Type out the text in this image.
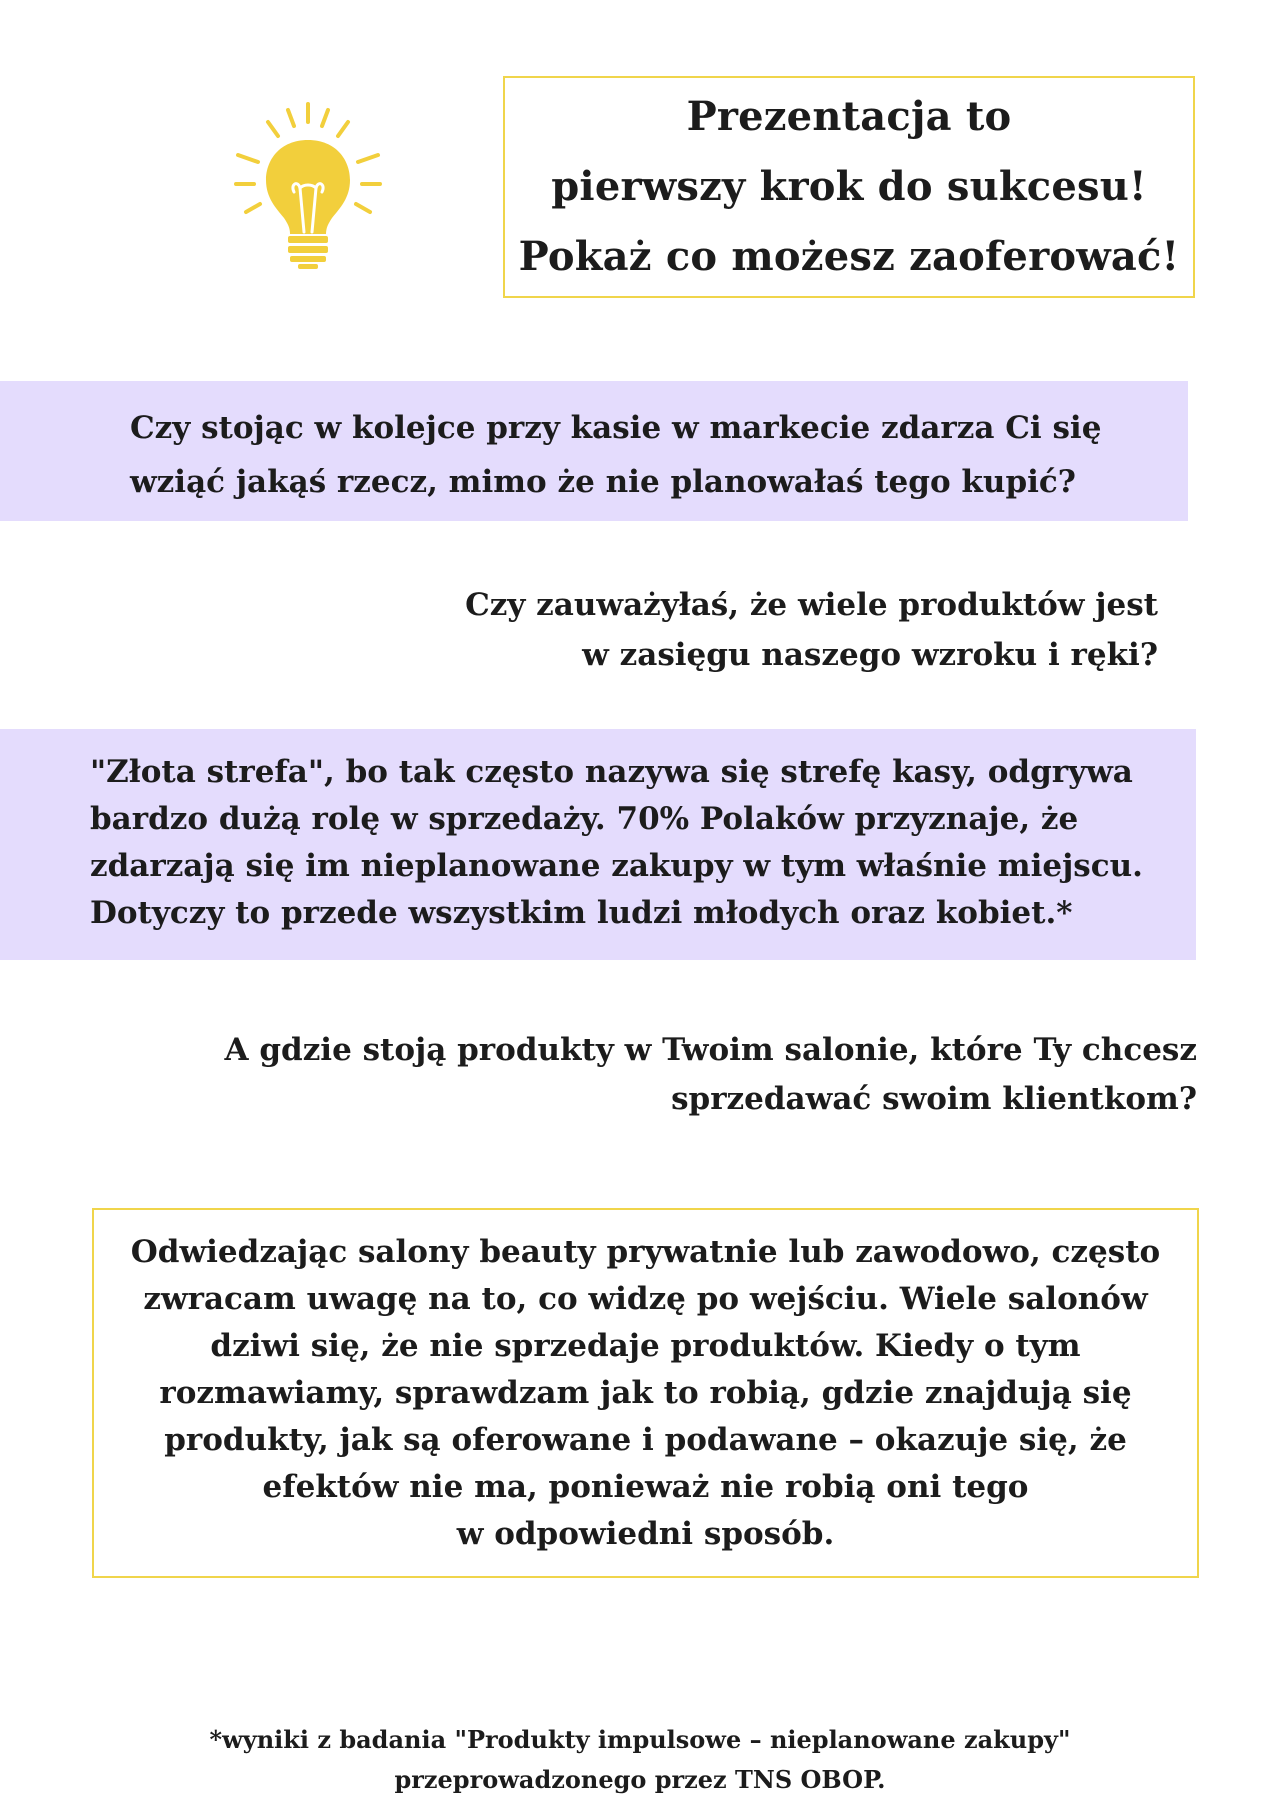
Prezentacja to
pierwszy krok do sukcesu!
Pokaż co możesz zaoferować!
Czy stojąc w kolejce przy kasie w markecie zdarza Ci się
wziąć jakąś rzecz, mimo że nie planowałaś tego kupić?
Czy zauważyłaś, że wiele produktów jest
w zasięgu naszego wzroku i ręki?
"Złota strefa", bo tak często nazywa się strefę kasy, odgrywa
bardzo dużą rolę w sprzedaży. 70% Polaków przyznaje, że
zdarzają się im nieplanowane zakupy w tym właśnie miejscu.
Dotyczy to przede wszystkim ludzi młodych oraz kobiet.*
A gdzie stoją produkty w Twoim salonie, które Ty chcesz
sprzedawać swoim klientkom?
Odwiedzając salony beauty prywatnie lub zawodowo, często
zwracam uwagę na to, co widzę po wejściu. Wiele salonów
dziwi się, że nie sprzedaje produktów. Kiedy o tym
rozmawiamy, sprawdzam jak to robią, gdzie znajdują się
produkty, jak są oferowane i podawane – okazuje się, że
efektów nie ma, ponieważ nie robią oni tego
w odpowiedni sposób.
*wyniki z badania "Produkty impulsowe – nieplanowane zakupy"
przeprowadzonego przez TNS OBOP.
